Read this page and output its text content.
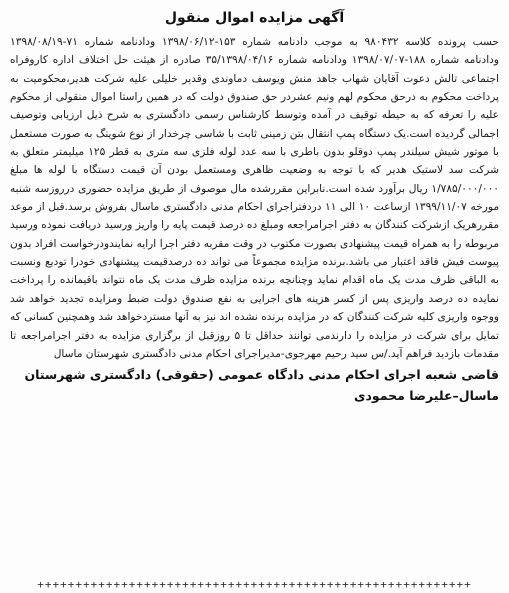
آگهی مزایده اموال منقول

حسب پرونده کلاسه ۹۸۰۴۳۲ به موجب دادنامه شماره ۱۵۳-۱۳۹۸/۰۶/۱۲ ودادنامه شماره ۷۱-۱۳۹۸/۰۸/۱۹ ودادنامه شماره ۱۸۸-۱۳۹۸/۰۷/۰۷ ودادنامه شماره ۳۵/۱۳۹۸/۰۴/۱۶ صادره از هیئت حل اختلاف اداره کاروفراه اجتماعی تالش دعوت آقایان شهاب جاهد منش ویوسف دماوندی وقدیر خلیلی علیه شرکت هدیر،محکومیت به پرداخت محکوم به درحق محکوم لهم ونیم عشردر حق صندوق دولت که در همین راستا اموال منقولی از محکوم علیه را تعرفه که به حیطه توقیف در آمده وتوسط کارشناس رسمی دادگستری به شرح ذیل ارزیابی وتوصیف اجمالی گردیده است.یک دستگاه پمپ انتقال بتن زمینی ثابت با شاسی چرخدار از نوع شوینگ به صورت مستعمل با موتور شیش سیلندر پمپ دوقلو بدون باطری با سه عدد لوله فلزی سه متری به قطر ۱۲۵ میلیمتر متعلق به شرکت سد لاستیک هدیر که با توجه به وضعیت ظاهری ومستعمل بودن آن قیمت دستگاه با لوله ها مبلغ ۱/۷۸۵/۰۰۰/۰۰۰ ریال برآورد شده است.نابراین مقررشده مال موصوف از طریق مزایده حضوری درروزسه شنبه مورخه ۱۳۹۹/۱۱/۰۷ ازساعت ۱۰ الی ۱۱ دردفتراجرای احکام مدنی دادگستری ماسال بفروش برسد.قبل از موعد مقررهریک ازشرکت کنندگان به دفتر اجرامراجعه ومبلغ ده درصد قیمت پایه را واریز ورسید دریافت نموده ورسید مربوطه را به همراه قیمت پیشنهادی بصورت مکتوب در وقت مقربه دفتر اجرا ارایه نمایندودرخواست افراد بدون پیوست فیش فاقد اعتبار می باشد.برنده مزایده مجموعاً می تواند ده درصدقیمت پیشنهادی خودرا تودیع ونسبت به الباقی ظرف مدت یک ماه اقدام نماید وچنانچه برنده مزایده ظرف مدت یک ماه نتواند باقیمانده را پرداخت نمایده ده درصد واریزی پس از کسر هزینه های اجرایی به نفع صندوق دولت ضبط ومزایده تجدید خواهد شد ووجوه واریزی کلیه شرکت کنندگان که در مزایده برنده نشده اند نیز به آنها مستردخواهد شد وهمچنین کسانی که تمایل برای شرکت در مزایده را دارندمی توانند حداقل تا ۵ روزقبل از برگزاری مزایده به دفتر اجرامراجعه تا مقدمات بازدید فراهم آید./س سید رحیم مهرجوی-مدیراجرای احکام مدنی دادگستری شهرستان ماسال

قاضی شعبه اجرای احکام مدنی دادگاه عمومی (حقوقی) دادگستری شهرستان
ماسال–علیرضا محمودی
+++++++++++++++++++++++++++++++++++++++++++++++++++++++++
